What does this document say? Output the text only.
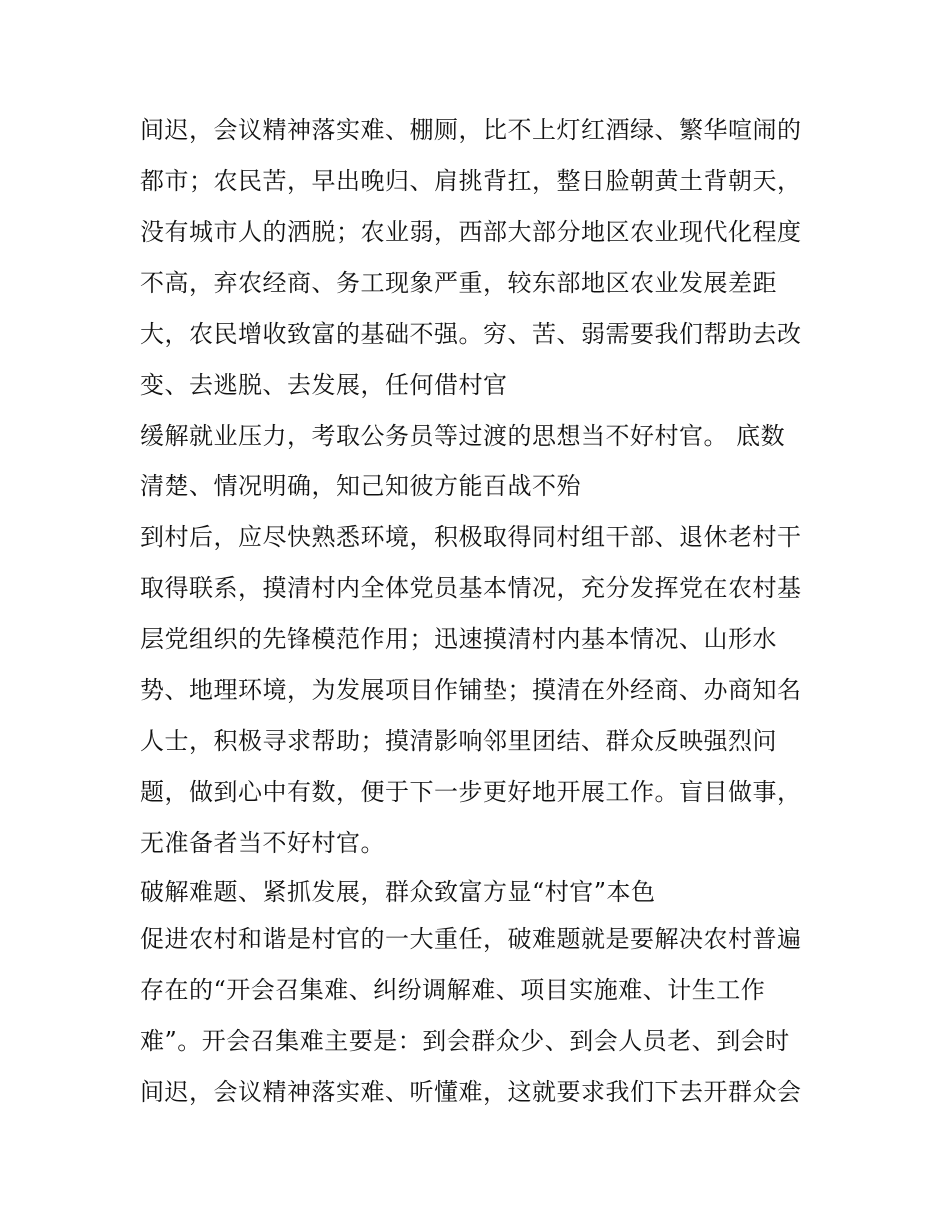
间迟，会议精神落实难、棚厕，比不上灯红酒绿、繁华喧闹的
都市；农民苦，早出晚归、肩挑背扛，整日脸朝黄土背朝天，
没有城市人的洒脱；农业弱，西部大部分地区农业现代化程度
不高，弃农经商、务工现象严重，较东部地区农业发展差距
大，农民增收致富的基础不强。穷、苦、弱需要我们帮助去改
变、去逃脱、去发展，任何借村官
缓解就业压力，考取公务员等过渡的思想当不好村官。 底数
清楚、情况明确，知己知彼方能百战不殆
到村后，应尽快熟悉环境，积极取得同村组干部、退休老村干
取得联系，摸清村内全体党员基本情况，充分发挥党在农村基
层党组织的先锋模范作用；迅速摸清村内基本情况、山形水
势、地理环境，为发展项目作铺垫；摸清在外经商、办商知名
人士，积极寻求帮助；摸清影响邻里团结、群众反映强烈问
题，做到心中有数，便于下一步更好地开展工作。盲目做事，
无准备者当不好村官。
破解难题、紧抓发展，群众致富方显“村官”本色
促进农村和谐是村官的一大重任，破难题就是要解决农村普遍
存在的“开会召集难、纠纷调解难、项目实施难、计生工作
难”。开会召集难主要是：到会群众少、到会人员老、到会时
间迟，会议精神落实难、听懂难，这就要求我们下去开群众会
